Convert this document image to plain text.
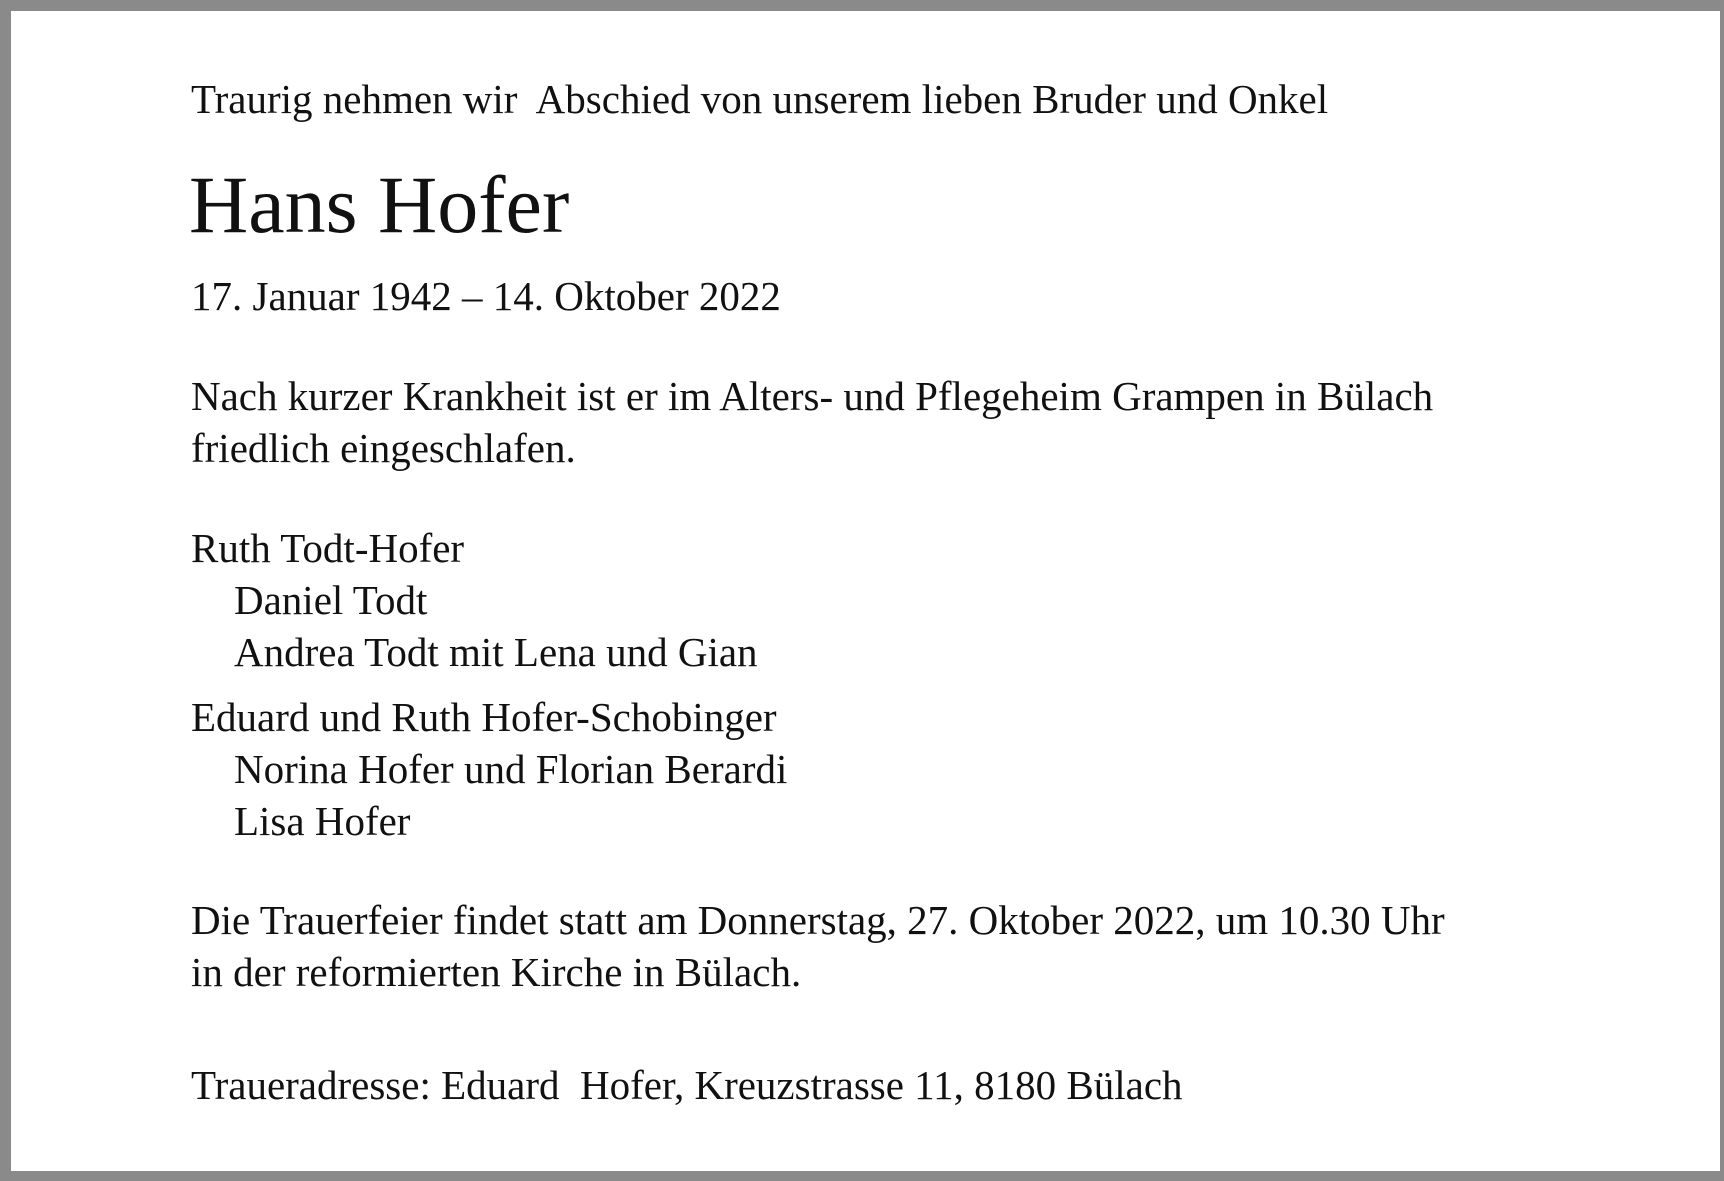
Traurig nehmen wir  Abschied von unserem lieben Bruder und Onkel
Hans Hofer
17. Januar 1942 – 14. Oktober 2022
Nach kurzer Krankheit ist er im Alters- und Pflegeheim Grampen in Bülach
friedlich eingeschlafen.
Ruth Todt-Hofer
Daniel Todt
Andrea Todt mit Lena und Gian
Eduard und Ruth Hofer-Schobinger
Norina Hofer und Florian Berardi
Lisa Hofer
Die Trauerfeier findet statt am Donnerstag, 27. Oktober 2022, um 10.30 Uhr
in der reformierten Kirche in Bülach.
Traueradresse: Eduard  Hofer, Kreuzstrasse 11, 8180 Bülach
